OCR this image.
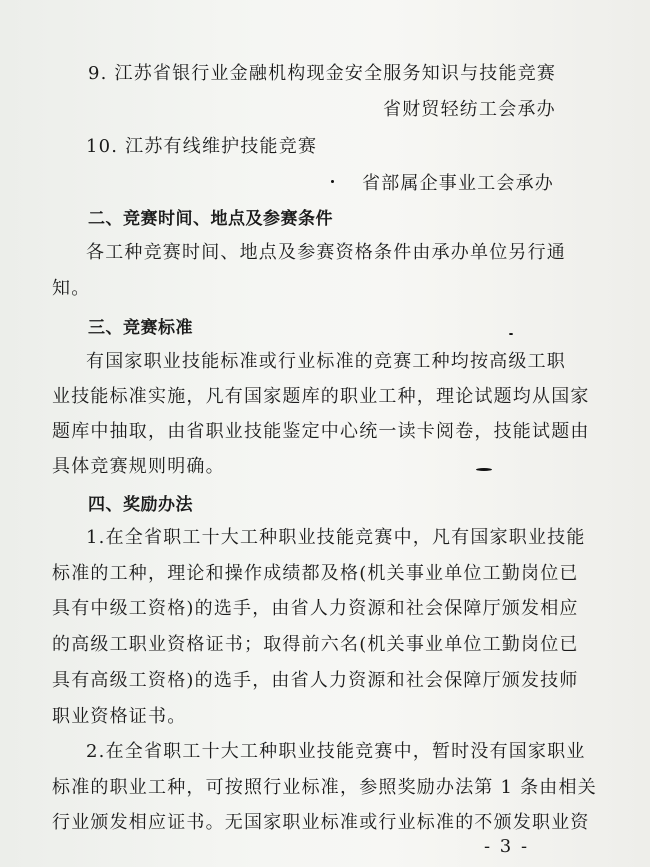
9. 江苏省银行业金融机构现金安全服务知识与技能竞赛
省财贸轻纺工会承办
10. 江苏有线维护技能竞赛
省部属企事业工会承办
二、竞赛时间、地点及参赛条件
各工种竞赛时间、地点及参赛资格条件由承办单位另行通
知。
三、竞赛标准
有国家职业技能标准或行业标准的竞赛工种均按高级工职
业技能标准实施，凡有国家题库的职业工种，理论试题均从国家
题库中抽取，由省职业技能鉴定中心统一读卡阅卷，技能试题由
具体竞赛规则明确。
四、奖励办法
1.在全省职工十大工种职业技能竞赛中，凡有国家职业技能
标准的工种，理论和操作成绩都及格(机关事业单位工勤岗位已
具有中级工资格)的选手，由省人力资源和社会保障厅颁发相应
的高级工职业资格证书；取得前六名(机关事业单位工勤岗位已
具有高级工资格)的选手，由省人力资源和社会保障厅颁发技师
职业资格证书。
2.在全省职工十大工种职业技能竞赛中，暂时没有国家职业
标准的职业工种，可按照行业标准，参照奖励办法第 1 条由相关
行业颁发相应证书。无国家职业标准或行业标准的不颁发职业资
- 3 -
